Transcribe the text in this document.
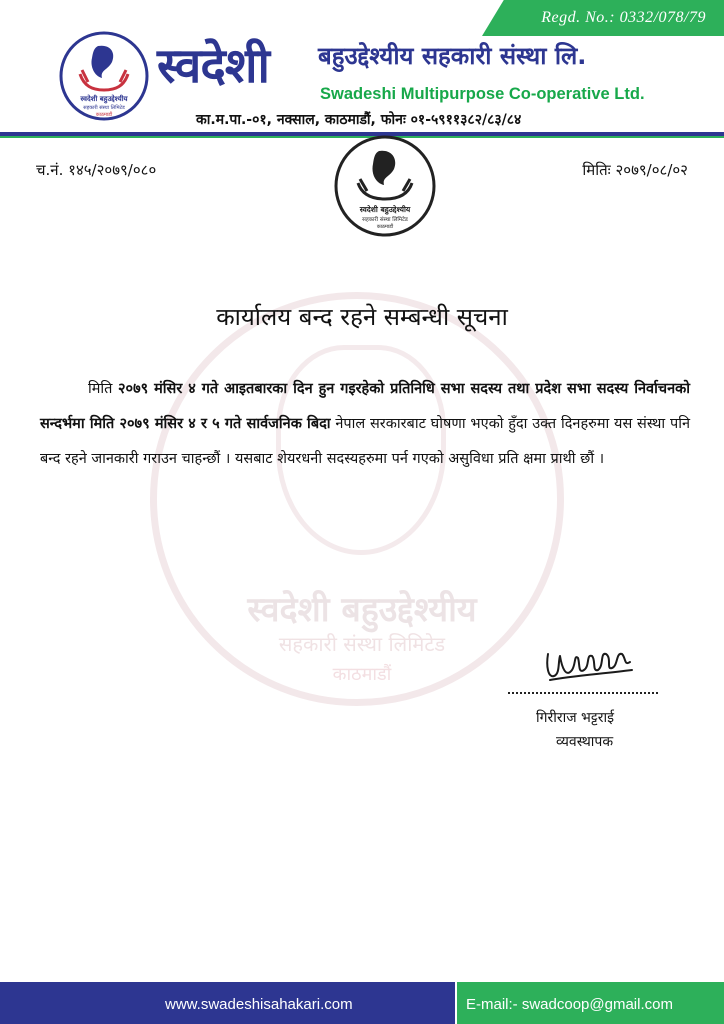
Regd. No.: 0332/078/79
स्वदेशी बहुउद्देश्यीय
सहकारी संस्था लिमिटेड
काठमाडौं
स्वदेशी बहुउद्देश्यीय सहकारी संस्था लि.
Swadeshi Multipurpose Co-operative Ltd.
का.म.पा.-०१, नक्साल, काठमाडौं, फोनः ०१-५९११३८२/८३/८४
च.नं. १४५/२०७९/०८०	मितिः २०७९/०८/०२
स्वदेशी बहुउद्देश्यीय
सहकारी संस्था लिमिटेड
काठमाडौं
स्वदेशी बहुउद्देश्यीय
सहकारी संस्था लिमिटेड
काठमाडौं
कार्यालय बन्द रहने सम्बन्धी सूचना
मिति २०७९ मंसिर ४ गते आइतबारका दिन हुन गइरहेको प्रतिनिधि सभा सदस्य तथा प्रदेश सभा सदस्य निर्वाचनको सन्दर्भमा मिति २०७९ मंसिर ४ र ५ गते सार्वजनिक बिदा नेपाल सरकारबाट घोषणा भएको हुँदा उक्त दिनहरुमा यस संस्था पनि बन्द रहने जानकारी गराउन चाहन्छौं । यसबाट शेयरधनी सदस्यहरुमा पर्न गएको असुविधा प्रति क्षमा प्राथी छौं ।
गिरीराज भट्टराई
व्यवस्थापक
www.swadeshisahakari.com	E-mail:- swadcoop@gmail.com
